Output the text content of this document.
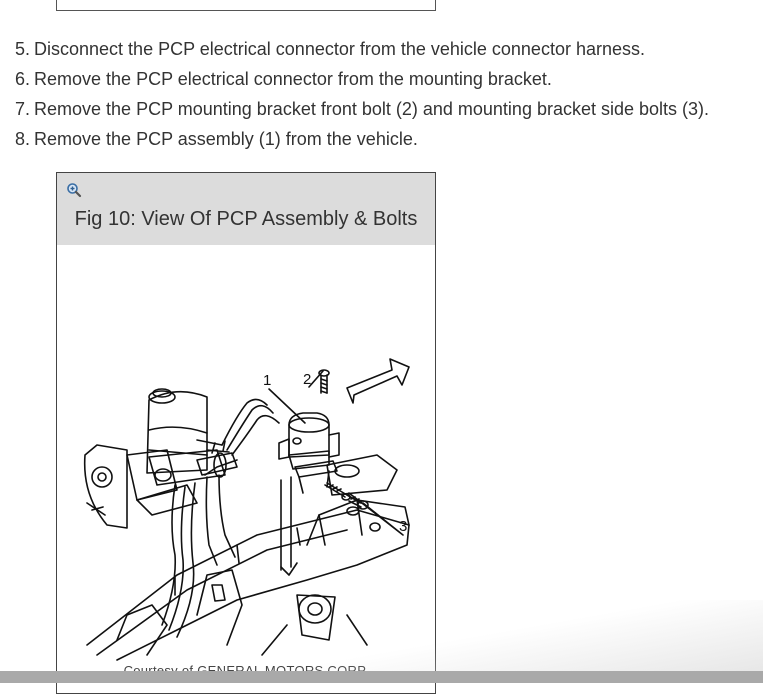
5. Disconnect the PCP electrical connector from the vehicle connector harness.
6. Remove the PCP electrical connector from the mounting bracket.
7. Remove the PCP mounting bracket front bolt (2) and mounting bracket side bolts (3).
8. Remove the PCP assembly (1) from the vehicle.
Fig 10: View Of PCP Assembly & Bolts
1 2
3
